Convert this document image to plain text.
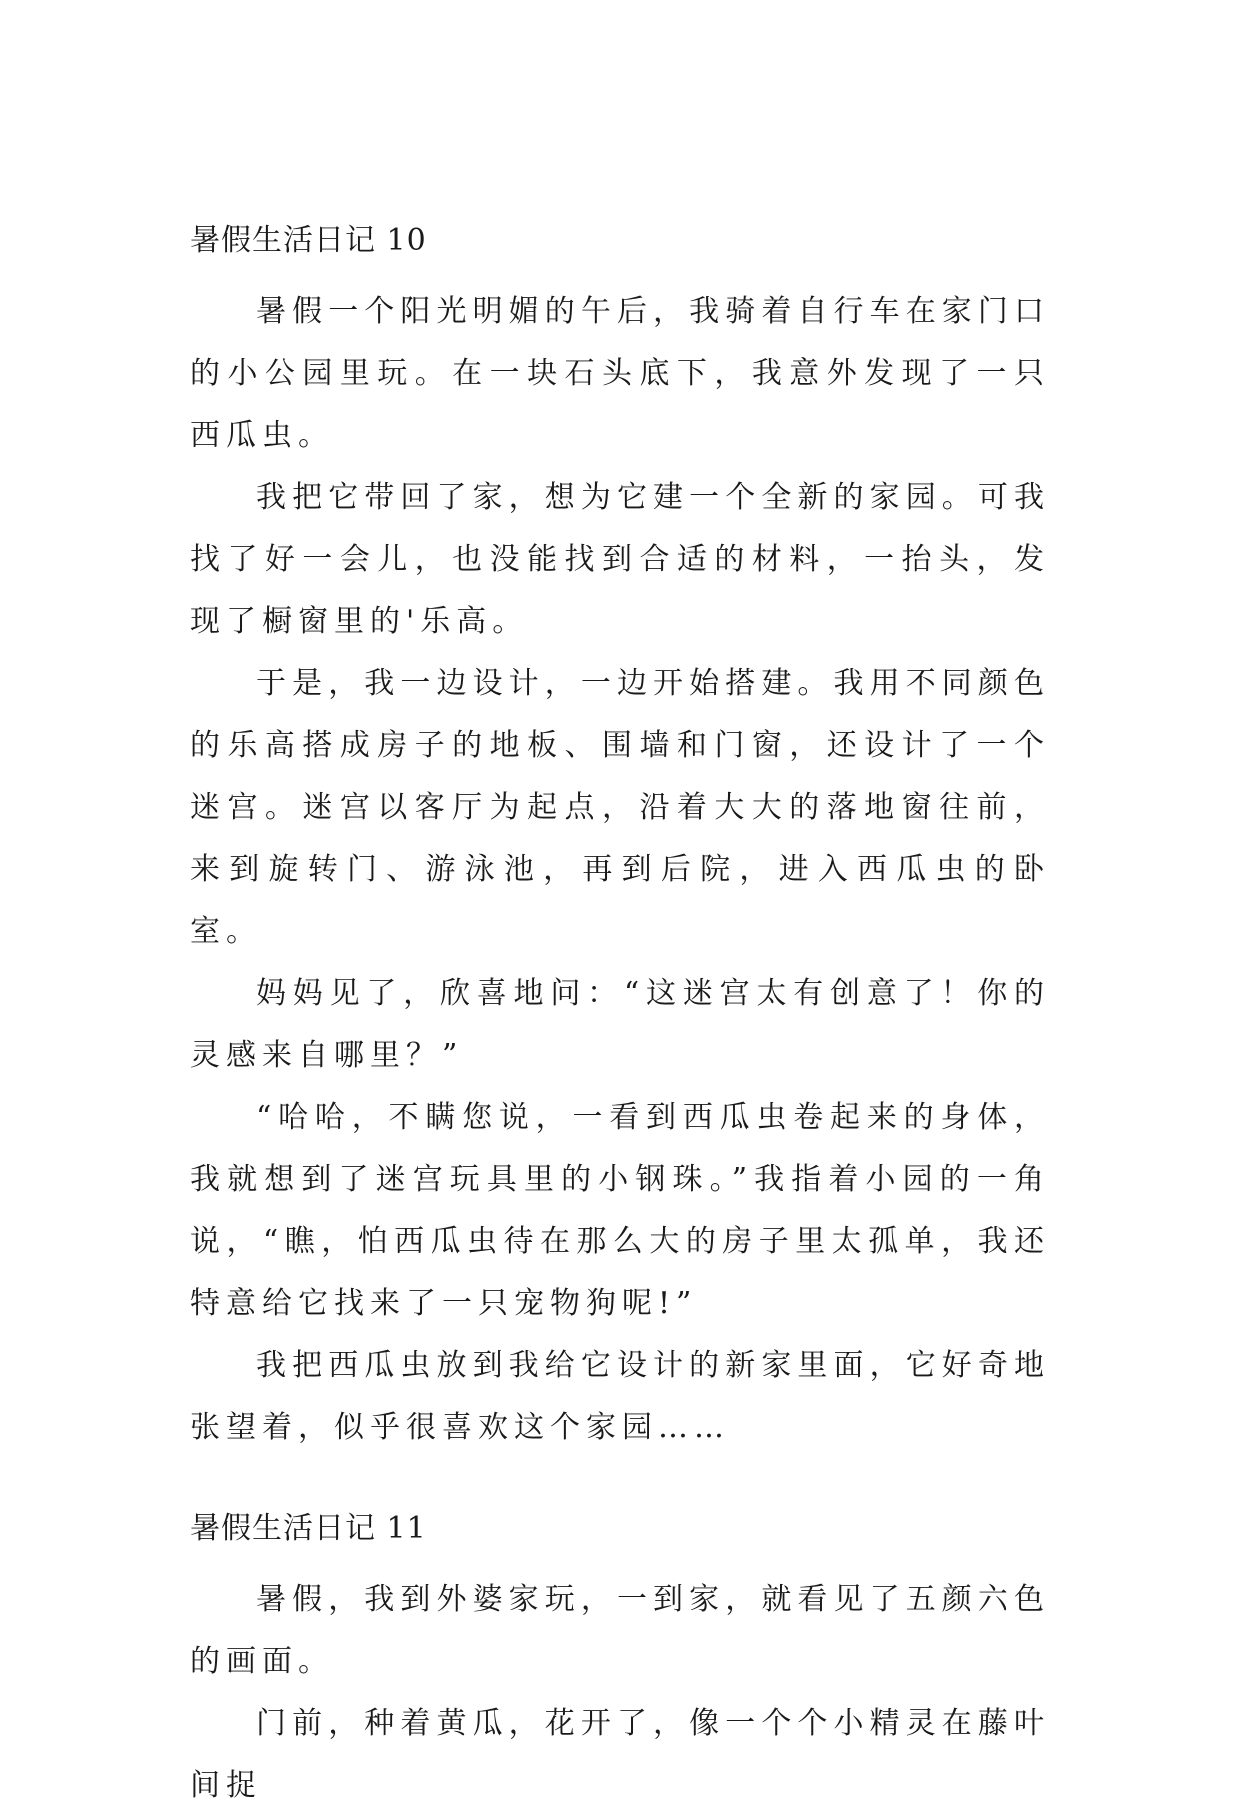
暑假生活日记 10

暑假一个阳光明媚的午后，我骑着自行车在家门口的小公园里玩。在一块石头底下，我意外发现了一只西瓜虫。

我把它带回了家，想为它建一个全新的家园。可我找了好一会儿，也没能找到合适的材料，一抬头，发现了橱窗里的'乐高。

于是，我一边设计，一边开始搭建。我用不同颜色的乐高搭成房子的地板、围墙和门窗，还设计了一个迷宫。迷宫以客厅为起点，沿着大大的落地窗往前，来到旋转门、游泳池，再到后院，进入西瓜虫的卧室。

妈妈见了，欣喜地问：“这迷宫太有创意了！你的灵感来自哪里？”

“哈哈，不瞒您说，一看到西瓜虫卷起来的身体，我就想到了迷宫玩具里的小钢珠。”我指着小园的一角说，“瞧，怕西瓜虫待在那么大的房子里太孤单，我还特意给它找来了一只宠物狗呢!”

我把西瓜虫放到我给它设计的新家里面，它好奇地张望着，似乎很喜欢这个家园……

暑假生活日记 11

暑假，我到外婆家玩，一到家，就看见了五颜六色的画面。

门前，种着黄瓜，花开了，像一个个小精灵在藤叶间捉
